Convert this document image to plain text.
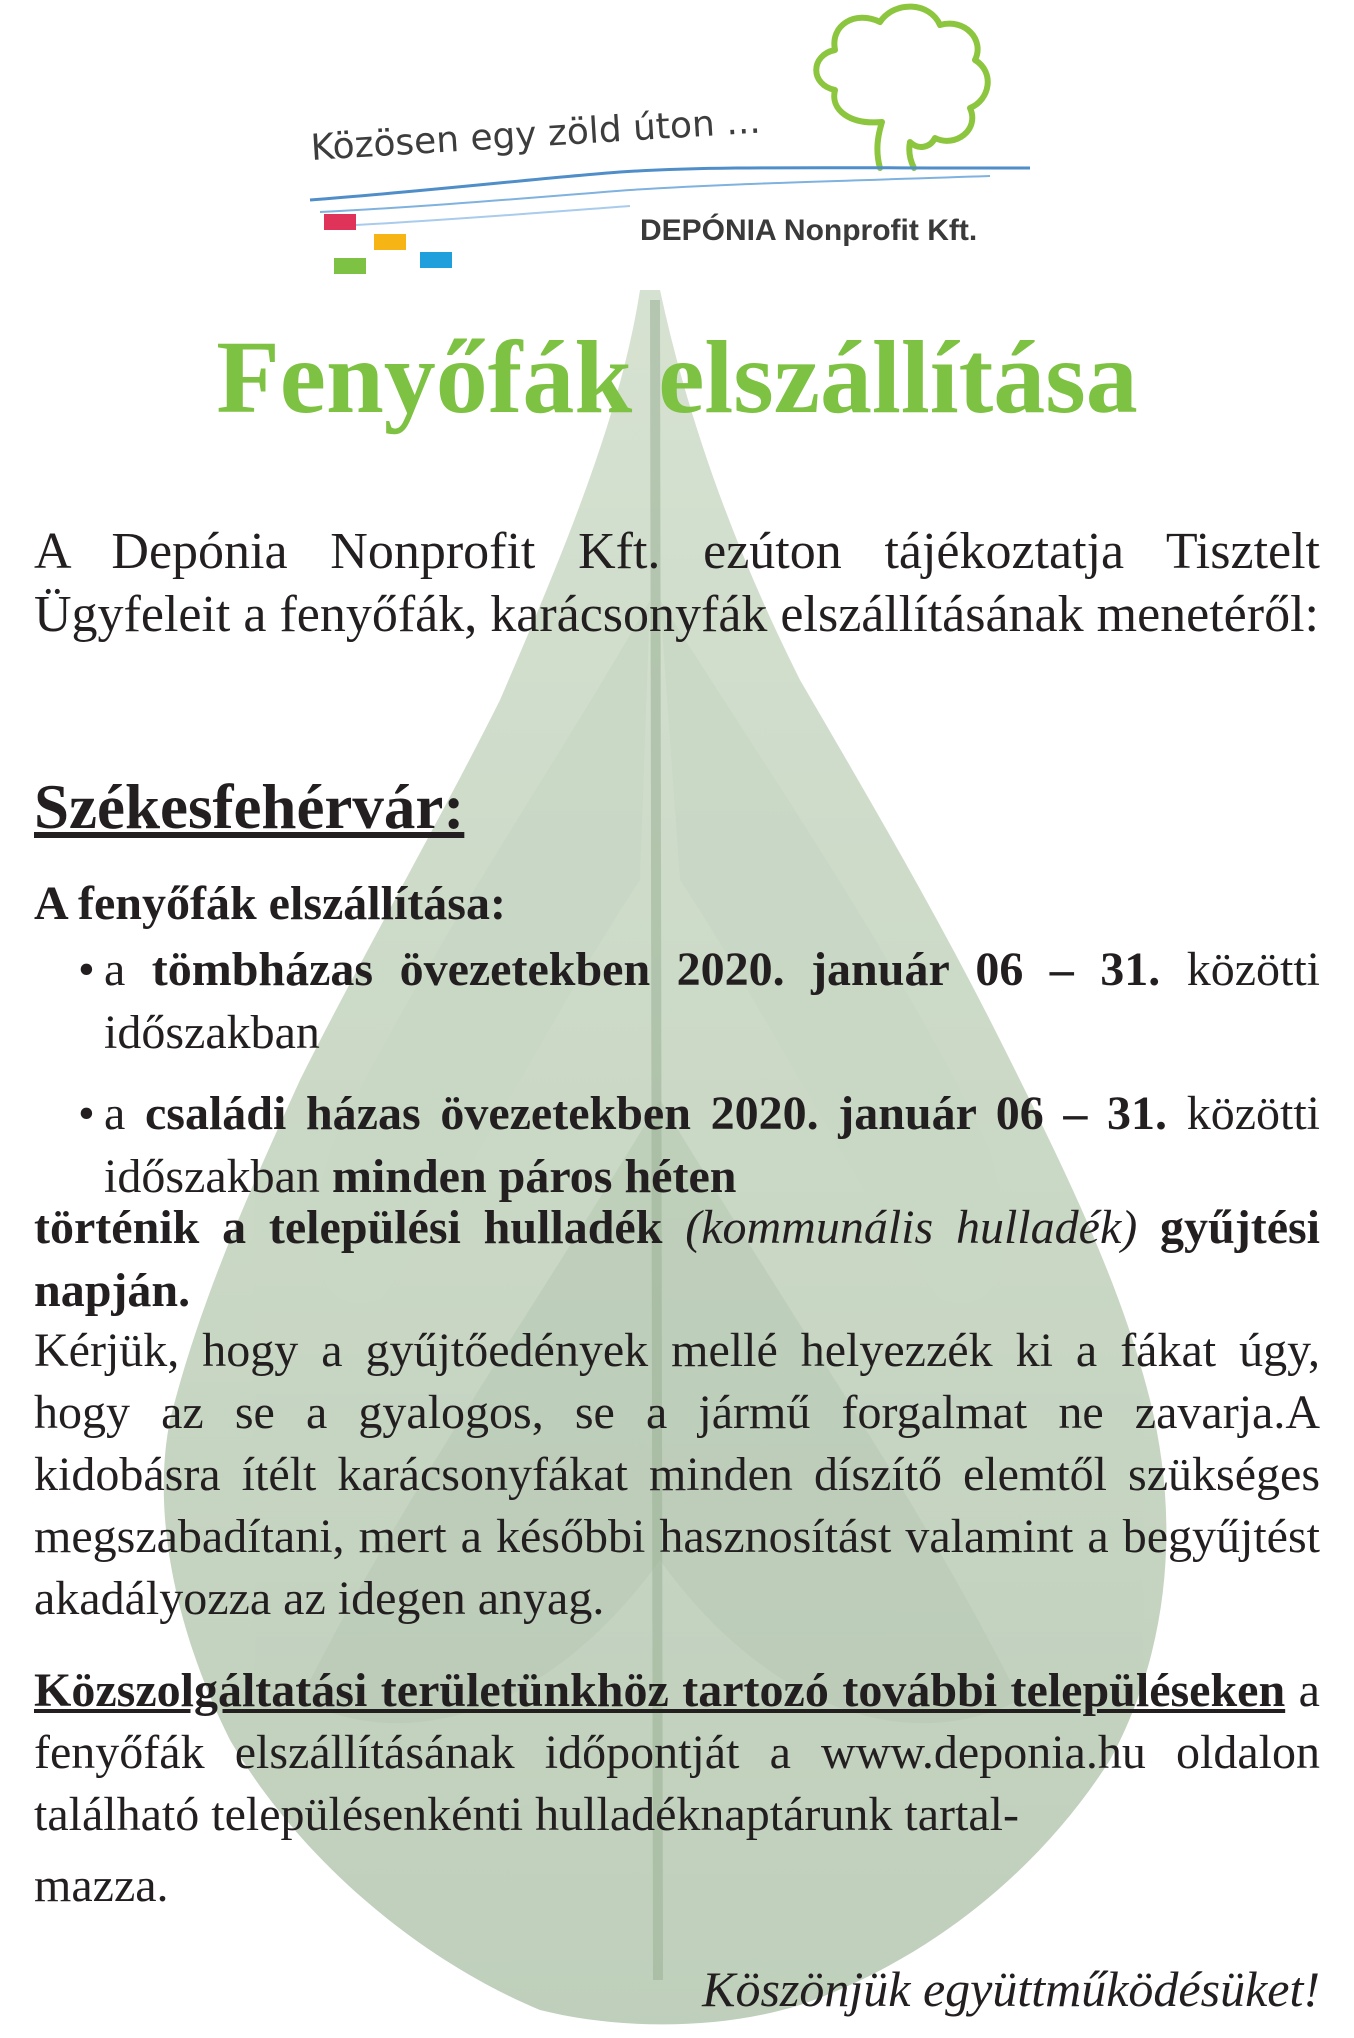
Közösen egy zöld úton ...
DEPÓNIA Nonprofit Kft.
Fenyőfák elszállítása

A Depónia Nonprofit Kft. ezúton tájékoztatja Tisztelt Ügyfeleit a fenyőfák, karácsonyfák elszállításának menetéről:

Székesfehérvár:

A fenyőfák elszállítása:

• a tömbházas övezetekben 2020. január 06 – 31. közötti időszakban
• a családi házas övezetekben 2020. január 06 – 31. közötti időszakban minden páros héten

történik a települési hulladék (kommunális hulladék) gyűjtési napján.

Kérjük, hogy a gyűjtőedények mellé helyezzék ki a fákat úgy, hogy az se a gyalogos, se a jármű forgalmat ne zavarja.A kidobásra ítélt karácsonyfákat minden díszítő elemtől szükséges megszabadítani, mert a későbbi hasznosítást valamint a begyűjtést akadályozza az idegen anyag.

Közszolgáltatási területünkhöz tartozó további településeken a fenyőfák elszállításának időpontját a www.deponia.hu oldalon található településenkénti hulladéknaptárunk tartal-
mazza.

Köszönjük együttműködésüket!
